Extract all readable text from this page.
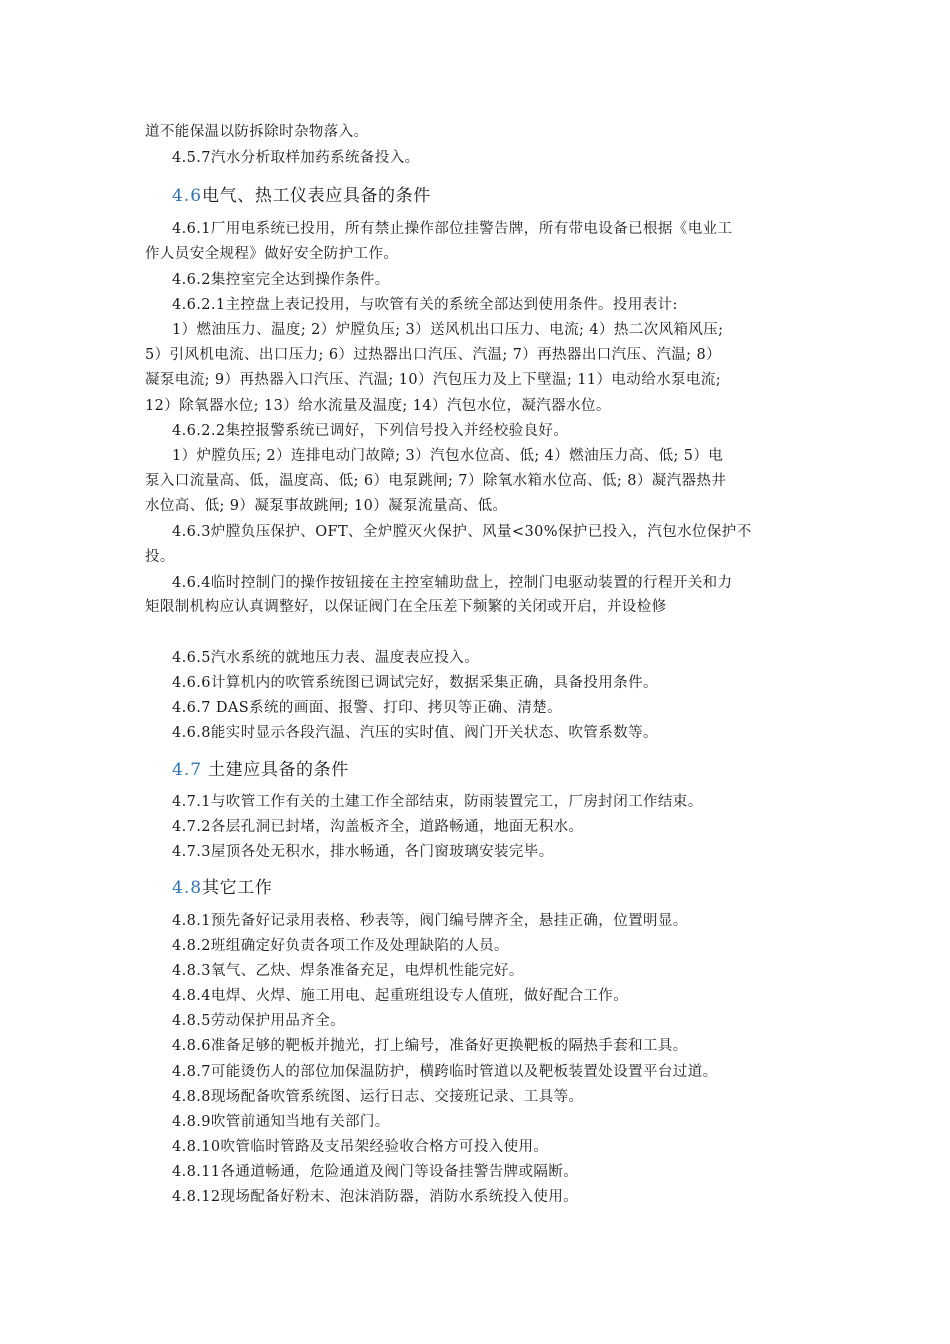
道不能保温以防拆除时杂物落入。
4.5.7汽水分析取样加药系统备投入。
4.6电气、热工仪表应具备的条件
4.6.1厂用电系统已投用，所有禁止操作部位挂警告牌，所有带电设备已根据《电业工
作人员安全规程》做好安全防护工作。
4.6.2集控室完全达到操作条件。
4.6.2.1主控盘上表记投用，与吹管有关的系统全部达到使用条件。投用表计:
1）燃油压力、温度; 2）炉膛负压; 3）送风机出口压力、电流; 4）热二次风箱风压;
5）引风机电流、出口压力; 6）过热器出口汽压、汽温; 7）再热器出口汽压、汽温; 8）
凝泵电流; 9）再热器入口汽压、汽温; 10）汽包压力及上下壁温; 11）电动给水泵电流;
12）除氧器水位; 13）给水流量及温度; 14）汽包水位，凝汽器水位。
4.6.2.2集控报警系统已调好，下列信号投入并经校验良好。
1）炉膛负压; 2）连排电动门故障; 3）汽包水位高、低; 4）燃油压力高、低; 5）电
泵入口流量高、低，温度高、低; 6）电泵跳闸; 7）除氧水箱水位高、低; 8）凝汽器热井
水位高、低; 9）凝泵事故跳闸; 10）凝泵流量高、低。
4.6.3炉膛负压保护、OFT、全炉膛灭火保护、风量<30%保护已投入，汽包水位保护不
投。
4.6.4临时控制门的操作按钮接在主控室辅助盘上，控制门电驱动装置的行程开关和力
矩限制机构应认真调整好，以保证阀门在全压差下频繁的关闭或开启，并设检修
4.6.5汽水系统的就地压力表、温度表应投入。
4.6.6计算机内的吹管系统图已调试完好，数据采集正确，具备投用条件。
4.6.7 DAS系统的画面、报警、打印、拷贝等正确、清楚。
4.6.8能实时显示各段汽温、汽压的实时值、阀门开关状态、吹管系数等。
4.7 土建应具备的条件
4.7.1与吹管工作有关的土建工作全部结束，防雨装置完工，厂房封闭工作结束。
4.7.2各层孔洞已封堵，沟盖板齐全，道路畅通，地面无积水。
4.7.3屋顶各处无积水，排水畅通，各门窗玻璃安装完毕。
4.8其它工作
4.8.1预先备好记录用表格、秒表等，阀门编号牌齐全，悬挂正确，位置明显。
4.8.2班组确定好负责各项工作及处理缺陷的人员。
4.8.3氧气、乙炔、焊条准备充足，电焊机性能完好。
4.8.4电焊、火焊、施工用电、起重班组设专人值班，做好配合工作。
4.8.5劳动保护用品齐全。
4.8.6准备足够的靶板并抛光，打上编号，准备好更换靶板的隔热手套和工具。
4.8.7可能烫伤人的部位加保温防护，横跨临时管道以及靶板装置处设置平台过道。
4.8.8现场配备吹管系统图、运行日志、交接班记录、工具等。
4.8.9吹管前通知当地有关部门。
4.8.10吹管临时管路及支吊架经验收合格方可投入使用。
4.8.11各通道畅通，危险通道及阀门等设备挂警告牌或隔断。
4.8.12现场配备好粉末、泡沫消防器，消防水系统投入使用。
